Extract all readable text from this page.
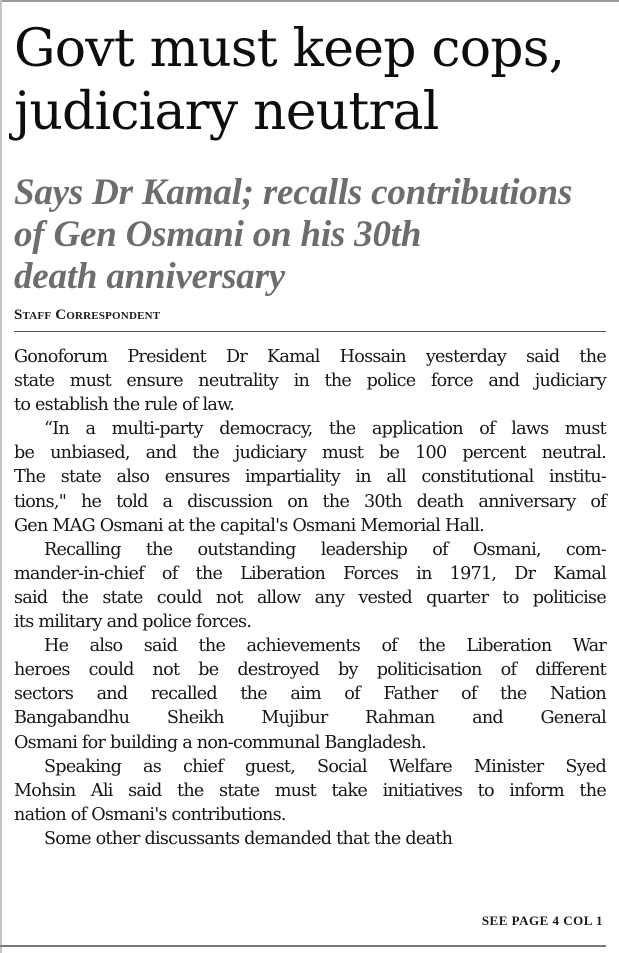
Govt must keep cops,
judiciary neutral
Says Dr Kamal; recalls contributions
of Gen Osmani on his 30th
death anniversary
Staff Correspondent

Gonoforum President Dr Kamal Hossain yesterday said the
state must ensure neutrality in the police force and judiciary
to establish the rule of law.

“In a multi-party democracy, the application of laws must
be unbiased, and the judiciary must be 100 percent neutral.
The state also ensures impartiality in all constitutional institu-
tions," he told a discussion on the 30th death anniversary of
Gen MAG Osmani at the capital's Osmani Memorial Hall.

Recalling the outstanding leadership of Osmani, com-
mander-in-chief of the Liberation Forces in 1971, Dr Kamal
said the state could not allow any vested quarter to politicise
its military and police forces.

He also said the achievements of the Liberation War
heroes could not be destroyed by politicisation of different
sectors and recalled the aim of Father of the Nation
Bangabandhu Sheikh Mujibur Rahman and General
Osmani for building a non-communal Bangladesh.

Speaking as chief guest, Social Welfare Minister Syed
Mohsin Ali said the state must take initiatives to inform the
nation of Osmani's contributions.

Some other discussants demanded that the death

SEE PAGE 4 COL 1
